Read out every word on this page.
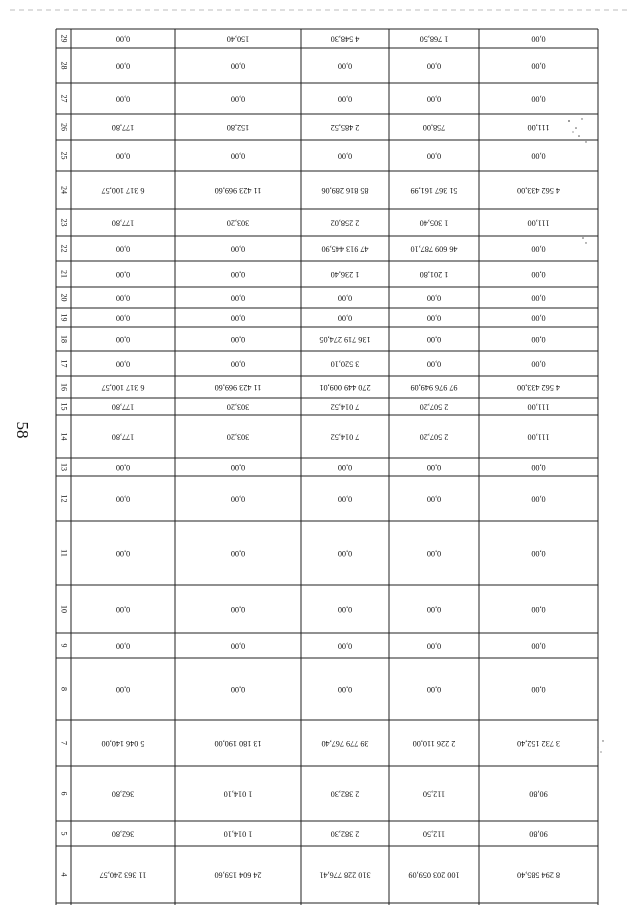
58
4
5
6
7
8
9
10
11
12
13
14
15
16
17
18
19
20
21
22
23
24
25
26
27
28
29
11 363 240,57
362,80
362,80
5 046 140,00
0,00
0,00
0,00
0,00
0,00
0,00
177,80
177,80
6 317 100,57
0,00
0,00
0,00
0,00
0,00
0,00
177,80
6 317 100,57
0,00
177,80
0,00
0,00
0,00
24 604 159,60
1 014,10
1 014,10
13 180 190,00
0,00
0,00
0,00
0,00
0,00
0,00
303,20
303,20
11 423 969,60
0,00
0,00
0,00
0,00
0,00
0,00
303,20
11 423 969,60
0,00
152,80
0,00
0,00
150,40
310 228 776,41
2 382,30
2 382,30
39 779 767,40
0,00
0,00
0,00
0,00
0,00
0,00
7 014,52
7 014,52
270 449 009,01
3 520,10
136 719 274,05
0,00
0,00
1 236,40
47 913 445,90
2 258,02
85 816 289,06
0,00
2 485,52
0,00
0,00
4 548,30
100 203 059,09
112,50
112,50
2 226 110,00
0,00
0,00
0,00
0,00
0,00
0,00
2 507,20
2 507,20
97 976 949,09
0,00
0,00
0,00
0,00
1 201,80
46 609 787,10
1 305,40
51 367 161,99
0,00
758,00
0,00
0,00
1 768,50
8 294 585,40
90,80
90,80
3 732 152,40
0,00
0,00
0,00
0,00
0,00
0,00
111,00
111,00
4 562 433,00
0,00
0,00
0,00
0,00
0,00
0,00
111,00
4 562 433,00
0,00
111,00
0,00
0,00
0,00
